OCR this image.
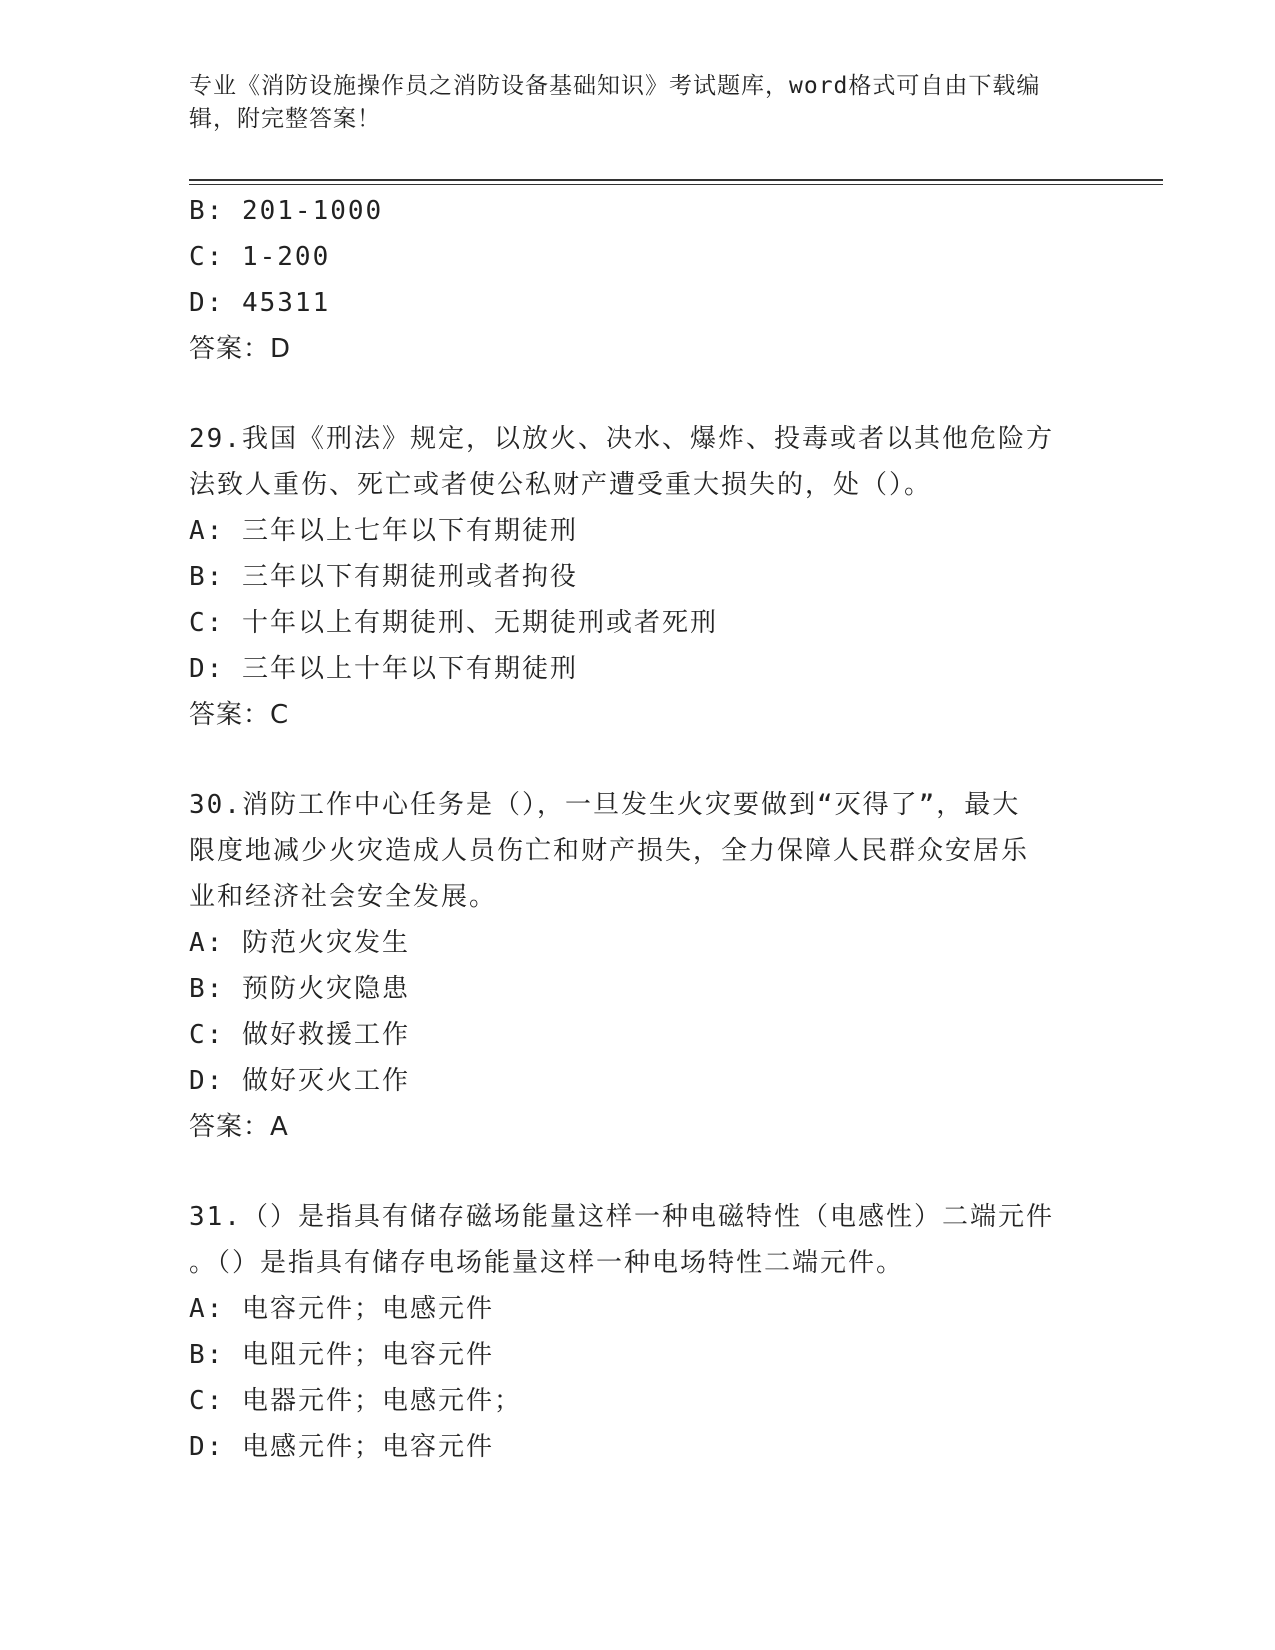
专业《消防设施操作员之消防设备基础知识》考试题库，word格式可自由下载编
辑，附完整答案！
B: 201-1000
C: 1-200
D: 45311
答案：D
29.我国《刑法》规定，以放火、决水、爆炸、投毒或者以其他危险方
法致人重伤、死亡或者使公私财产遭受重大损失的，处（）。
A: 三年以上七年以下有期徒刑
B: 三年以下有期徒刑或者拘役
C: 十年以上有期徒刑、无期徒刑或者死刑
D: 三年以上十年以下有期徒刑
答案：C
30.消防工作中心任务是（），一旦发生火灾要做到“灭得了”，最大
限度地减少火灾造成人员伤亡和财产损失，全力保障人民群众安居乐
业和经济社会安全发展。
A: 防范火灾发生
B: 预防火灾隐患
C: 做好救援工作
D: 做好灭火工作
答案：A
31.（）是指具有储存磁场能量这样一种电磁特性（电感性）二端元件
。（）是指具有储存电场能量这样一种电场特性二端元件。
A: 电容元件；电感元件
B: 电阻元件；电容元件
C: 电器元件；电感元件；
D: 电感元件；电容元件
